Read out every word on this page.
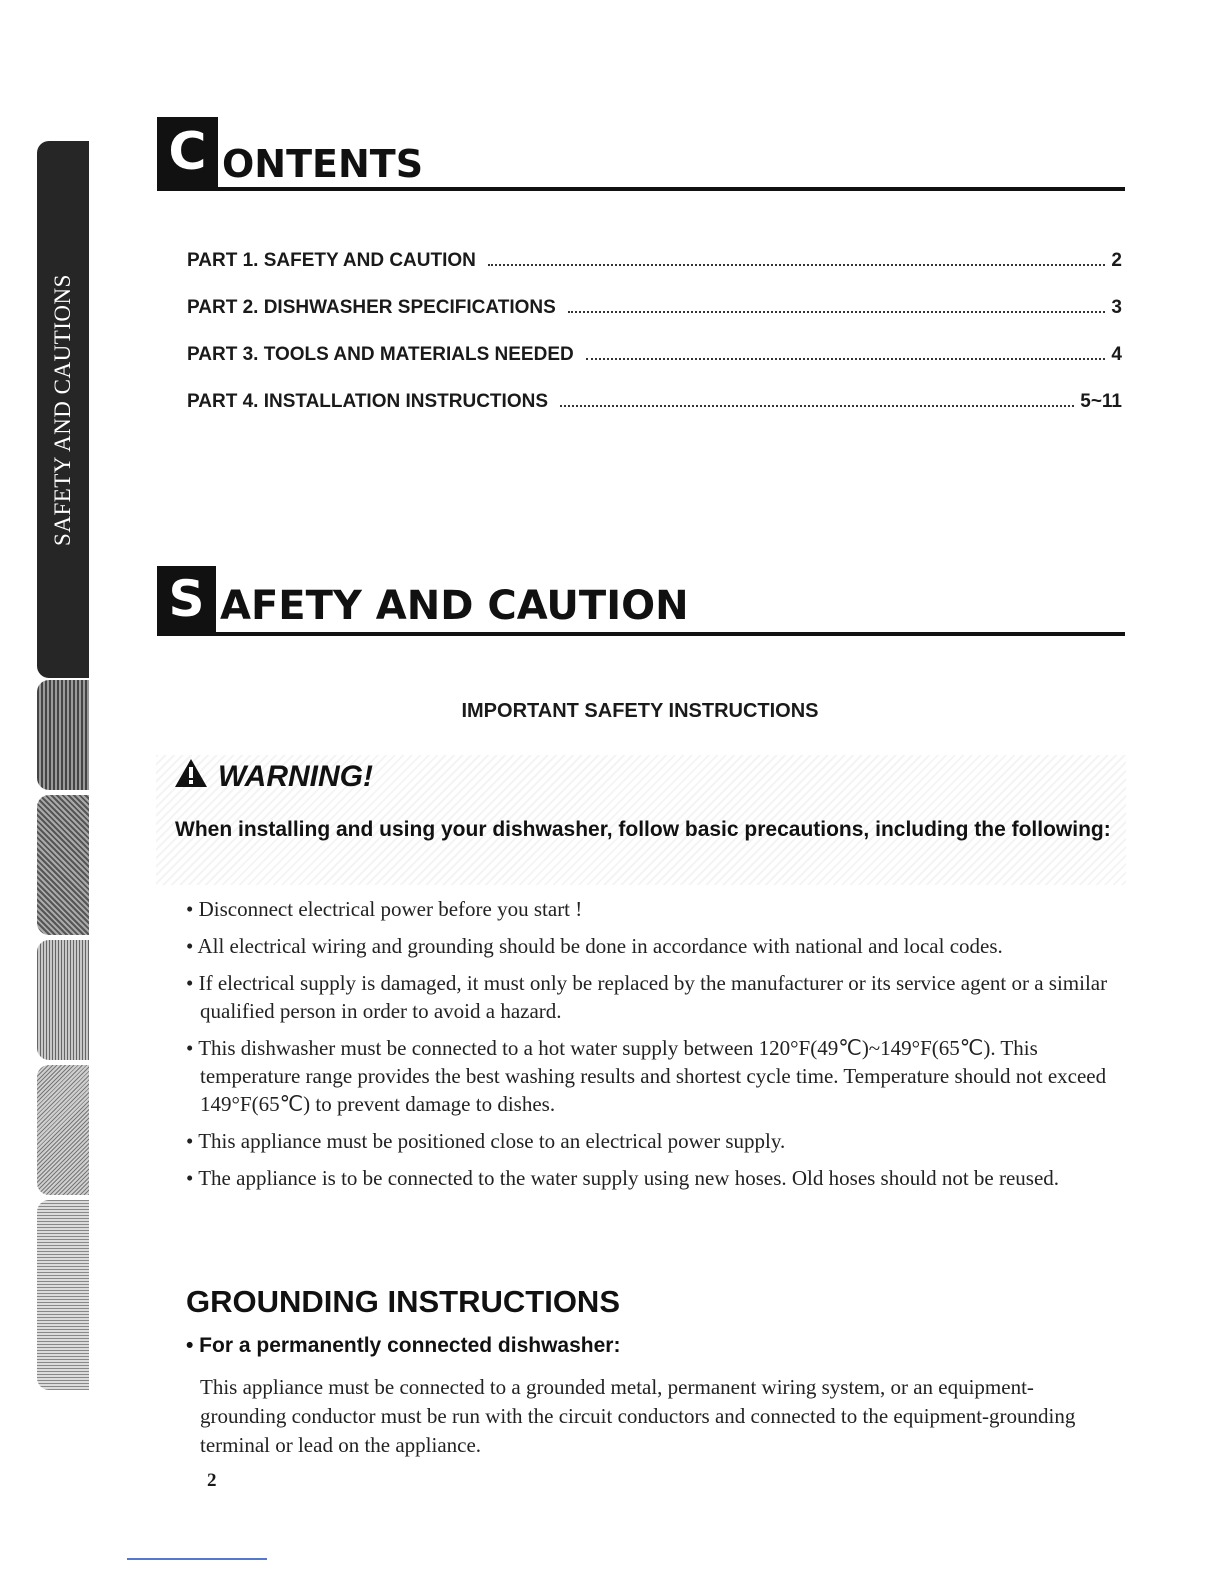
SAFETY AND CAUTIONS
C ONTENTS
PART 1. SAFETY AND CAUTION	2
PART 2. DISHWASHER SPECIFICATIONS	3
PART 3. TOOLS AND MATERIALS NEEDED	4
PART 4. INSTALLATION INSTRUCTIONS	5~11
S AFETY AND CAUTION
IMPORTANT SAFETY INSTRUCTIONS
WARNING!
When installing and using your dishwasher, follow basic precautions, including the following:
• Disconnect electrical power before you start !
• All electrical wiring and grounding should be done in accordance with national and local codes.
• If electrical supply is damaged, it must only be replaced by the manufacturer or its service agent or a similar qualified person in order to avoid a hazard.
• This dishwasher must be connected to a hot water supply between 120°F(49℃)~149°F(65℃). This temperature range provides the best washing results and shortest cycle time. Temperature should not exceed 149°F(65℃) to prevent damage to dishes.
• This appliance must be positioned close to an electrical power supply.
• The appliance is to be connected to the water supply using new hoses. Old hoses should not be reused.
GROUNDING INSTRUCTIONS
• For a permanently connected dishwasher:
This appliance must be connected to a grounded metal, permanent wiring system, or an equipment-grounding conductor must be run with the circuit conductors and connected to the equipment-grounding terminal or lead on the appliance.
2
